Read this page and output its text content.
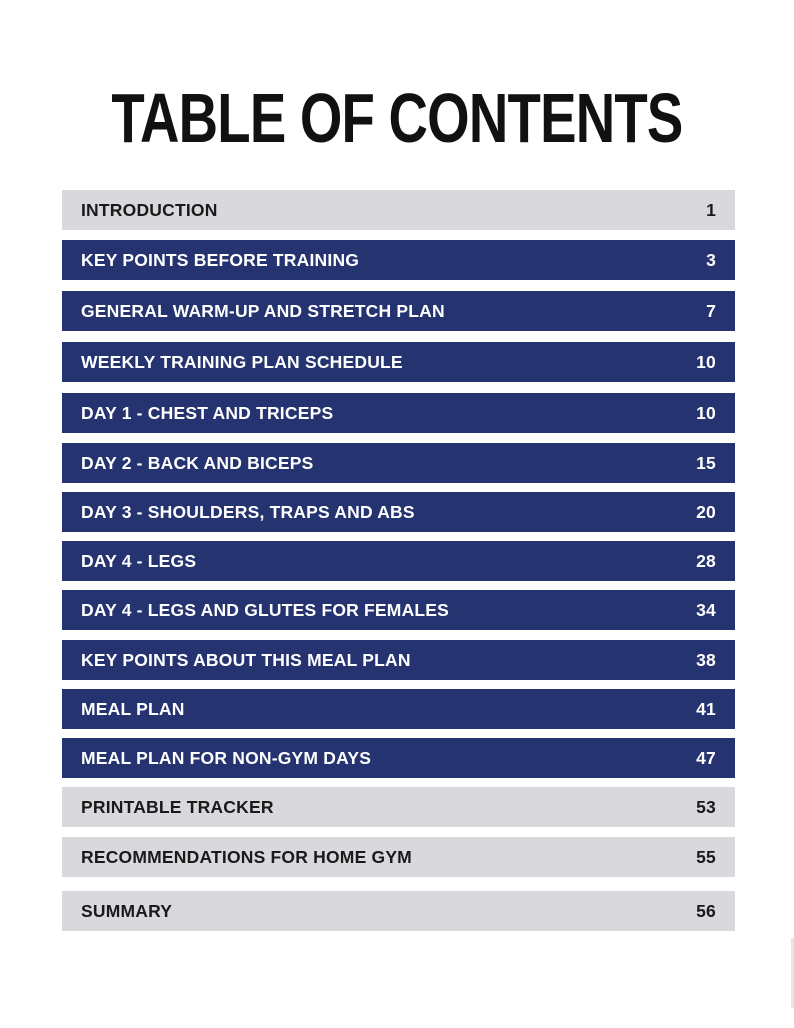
TABLE OF CONTENTS
INTRODUCTION	1
KEY POINTS BEFORE TRAINING	3
GENERAL WARM-UP AND STRETCH PLAN	7
WEEKLY TRAINING PLAN SCHEDULE	10
DAY 1 - CHEST AND TRICEPS	10
DAY 2 - BACK AND BICEPS	15
DAY 3 - SHOULDERS, TRAPS AND ABS	20
DAY 4 - LEGS	28
DAY 4 - LEGS AND GLUTES FOR FEMALES	34
KEY POINTS ABOUT THIS MEAL PLAN	38
MEAL PLAN	41
MEAL PLAN FOR NON-GYM DAYS	47
PRINTABLE TRACKER	53
RECOMMENDATIONS FOR HOME GYM	55
SUMMARY	56
